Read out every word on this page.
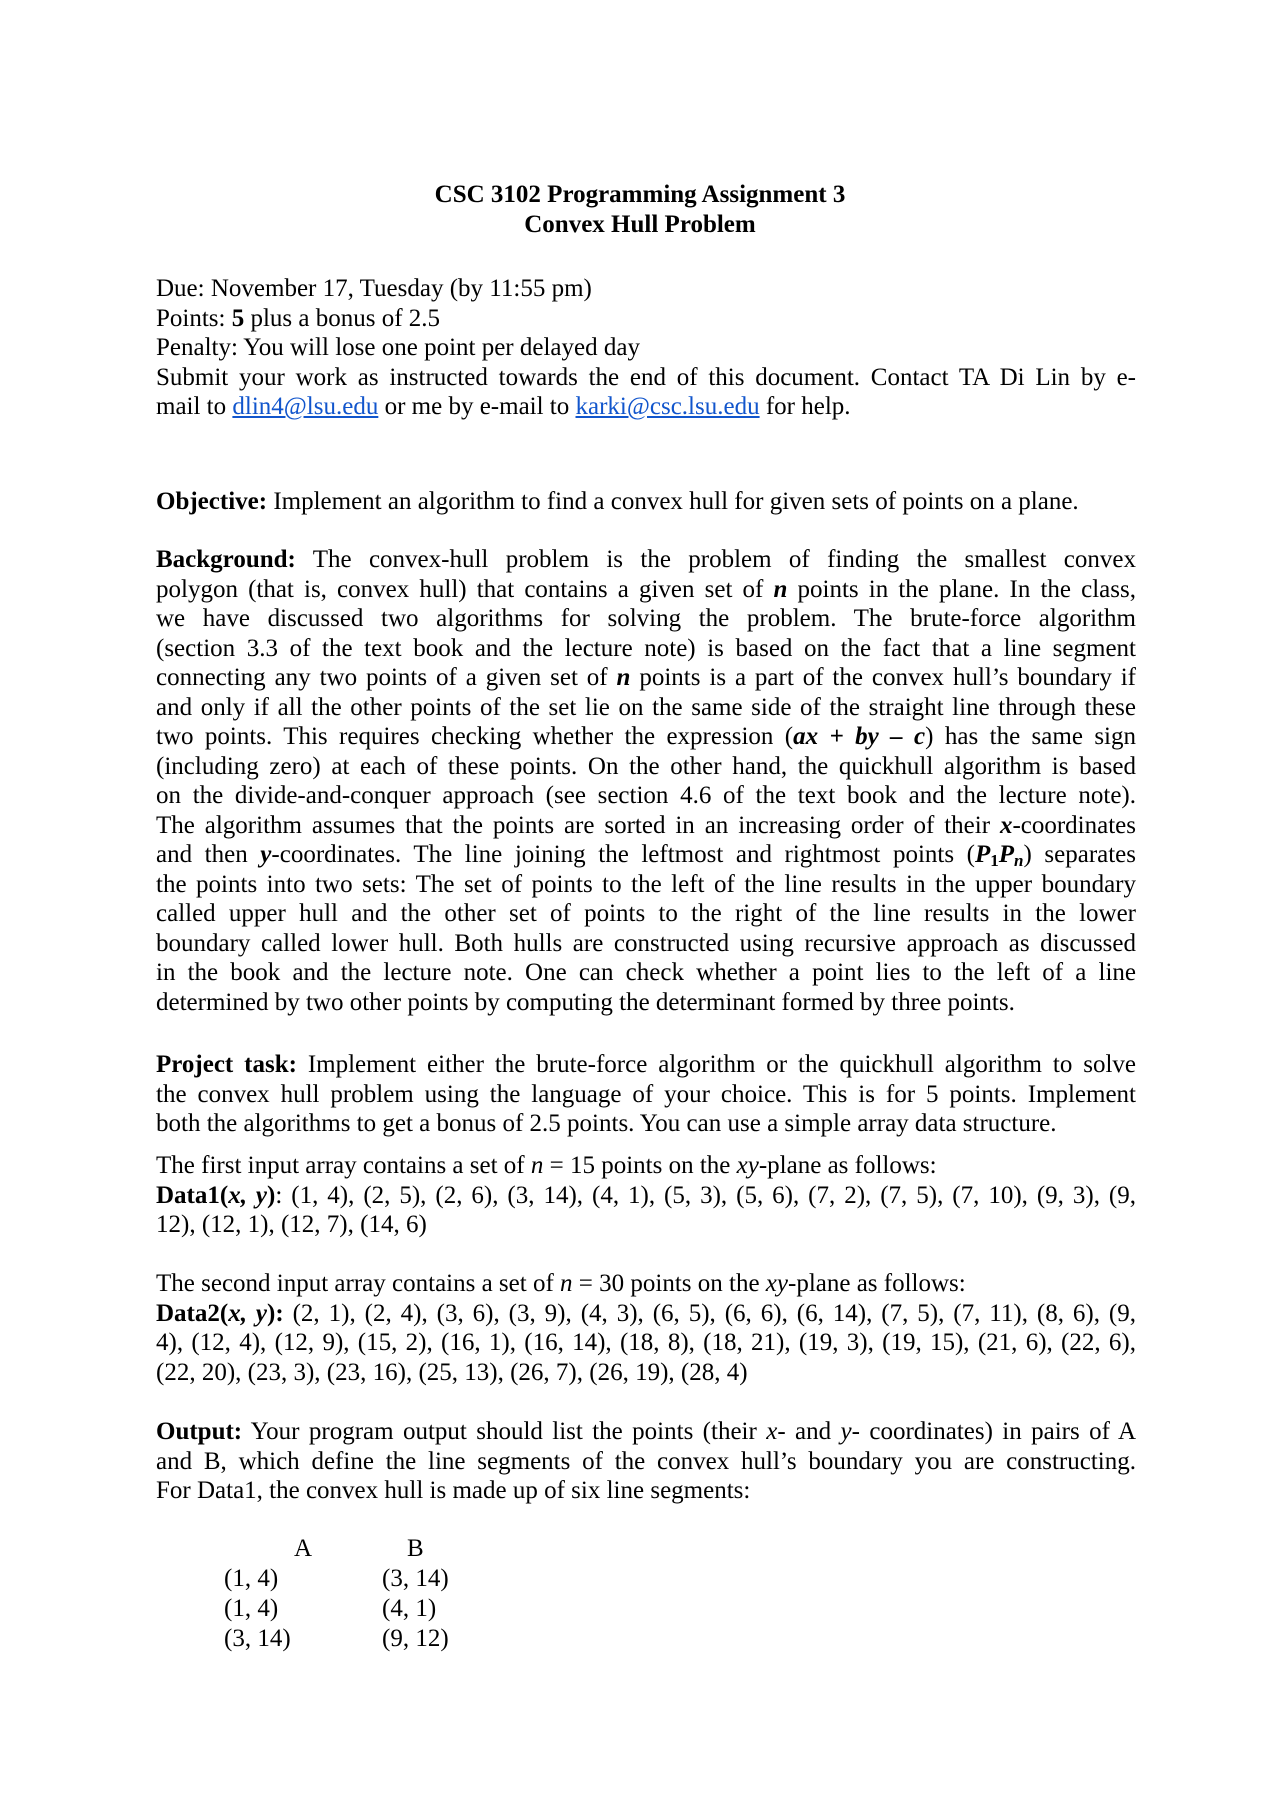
CSC 3102 Programming Assignment 3
Convex Hull Problem
Due: November 17, Tuesday (by 11:55 pm)
Points: 5 plus a bonus of 2.5
Penalty: You will lose one point per delayed day
Submit your work as instructed towards the end of this document. Contact TA Di Lin by e-
mail to dlin4@lsu.edu or me by e-mail to karki@csc.lsu.edu for help.
Objective: Implement an algorithm to find a convex hull for given sets of points on a plane.
Background: The convex-hull problem is the problem of finding the smallest convex
polygon (that is, convex hull) that contains a given set of n points in the plane. In the class,
we have discussed two algorithms for solving the problem. The brute-force algorithm
(section 3.3 of the text book and the lecture note) is based on the fact that a line segment
connecting any two points of a given set of n points is a part of the convex hull’s boundary if
and only if all the other points of the set lie on the same side of the straight line through these
two points. This requires checking whether the expression (ax + by – c) has the same sign
(including zero) at each of these points. On the other hand, the quickhull algorithm is based
on the divide-and-conquer approach (see section 4.6 of the text book and the lecture note).
The algorithm assumes that the points are sorted in an increasing order of their x-coordinates
and then y-coordinates. The line joining the leftmost and rightmost points $(P_1P_n)$ separates
the points into two sets: The set of points to the left of the line results in the upper boundary
called upper hull and the other set of points to the right of the line results in the lower
boundary called lower hull. Both hulls are constructed using recursive approach as discussed
in the book and the lecture note. One can check whether a point lies to the left of a line
determined by two other points by computing the determinant formed by three points.
Project task: Implement either the brute-force algorithm or the quickhull algorithm to solve
the convex hull problem using the language of your choice. This is for 5 points. Implement
both the algorithms to get a bonus of 2.5 points. You can use a simple array data structure.
The first input array contains a set of n = 15 points on the xy-plane as follows:
Data1(x, y): (1, 4), (2, 5), (2, 6), (3, 14), (4, 1), (5, 3), (5, 6), (7, 2), (7, 5), (7, 10), (9, 3), (9,
12), (12, 1), (12, 7), (14, 6)
The second input array contains a set of n = 30 points on the xy-plane as follows:
Data2(x, y): (2, 1), (2, 4), (3, 6), (3, 9), (4, 3), (6, 5), (6, 6), (6, 14), (7, 5), (7, 11), (8, 6), (9,
4), (12, 4), (12, 9), (15, 2), (16, 1), (16, 14), (18, 8), (18, 21), (19, 3), (19, 15), (21, 6), (22, 6),
(22, 20), (23, 3), (23, 16), (25, 13), (26, 7), (26, 19), (28, 4)
Output: Your program output should list the points (their x- and y- coordinates) in pairs of A
and B, which define the line segments of the convex hull’s boundary you are constructing.
For Data1, the convex hull is made up of six line segments:
A	B
(1, 4)	(3, 14)
(1, 4)	(4, 1)
(3, 14)	(9, 12)
